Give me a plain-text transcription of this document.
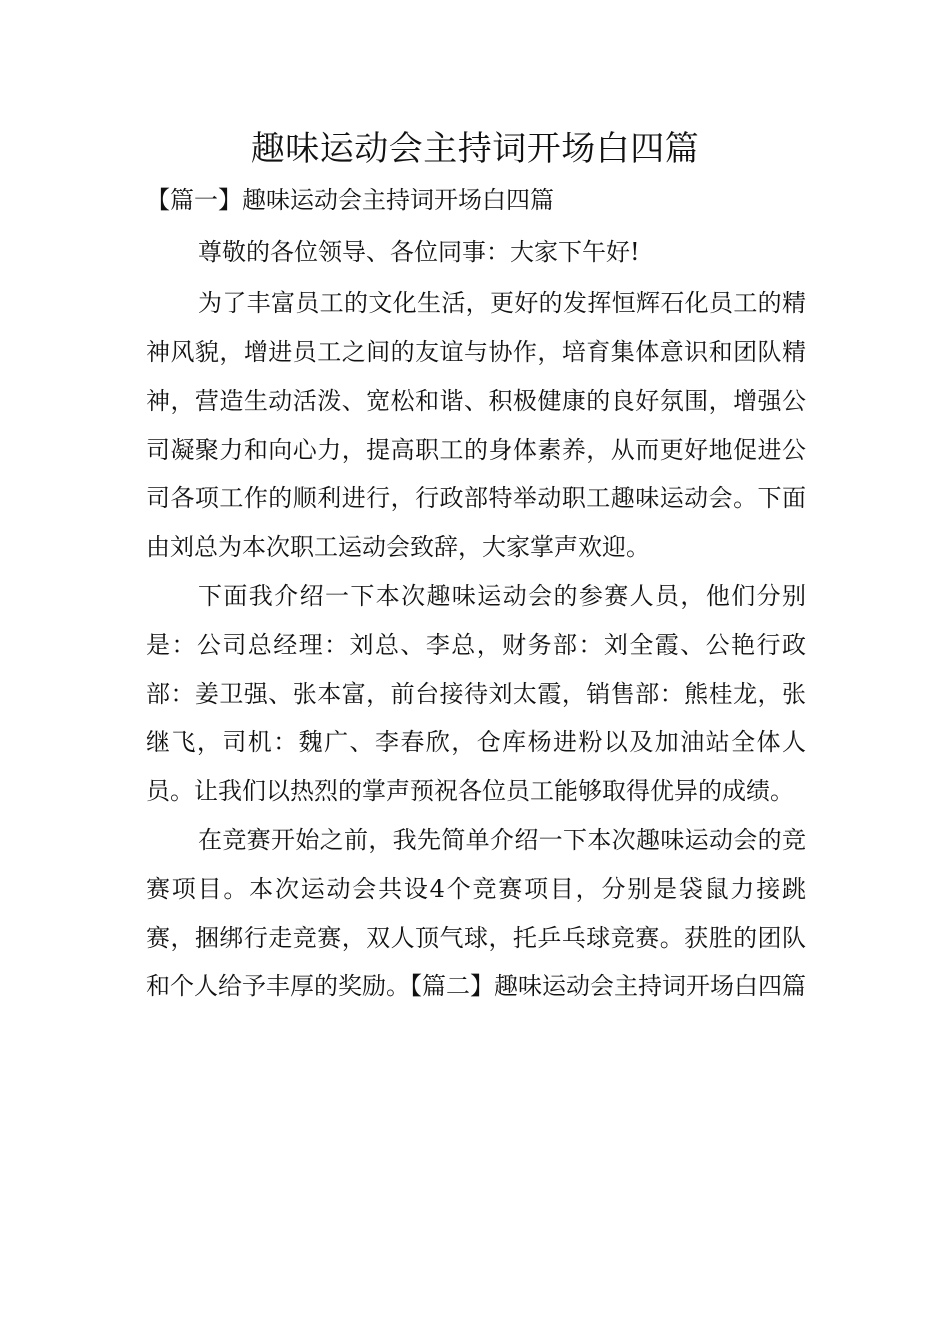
趣味运动会主持词开场白四篇
【篇一】趣味运动会主持词开场白四篇

尊敬的各位领导、各位同事：大家下午好!

为了丰富员工的文化生活，更好的发挥恒辉石化员工的精神风貌，增进员工之间的友谊与协作，培育集体意识和团队精神，营造生动活泼、宽松和谐、积极健康的良好氛围，增强公司凝聚力和向心力，提高职工的身体素养，从而更好地促进公司各项工作的顺利进行，行政部特举动职工趣味运动会。下面由刘总为本次职工运动会致辞，大家掌声欢迎。

下面我介绍一下本次趣味运动会的参赛人员，他们分别是：公司总经理：刘总、李总，财务部：刘全霞、公艳行政部：姜卫强、张本富，前台接待刘太霞，销售部：熊桂龙，张继飞，司机：魏广、李春欣，仓库杨进粉以及加油站全体人员。让我们以热烈的掌声预祝各位员工能够取得优异的成绩。

在竞赛开始之前，我先简单介绍一下本次趣味运动会的竞赛项目。本次运动会共设4个竞赛项目，分别是袋鼠力接跳赛，捆绑行走竞赛，双人顶气球，托乒乓球竞赛。获胜的团队和个人给予丰厚的奖励。【篇二】趣味运动会主持词开场白四篇
